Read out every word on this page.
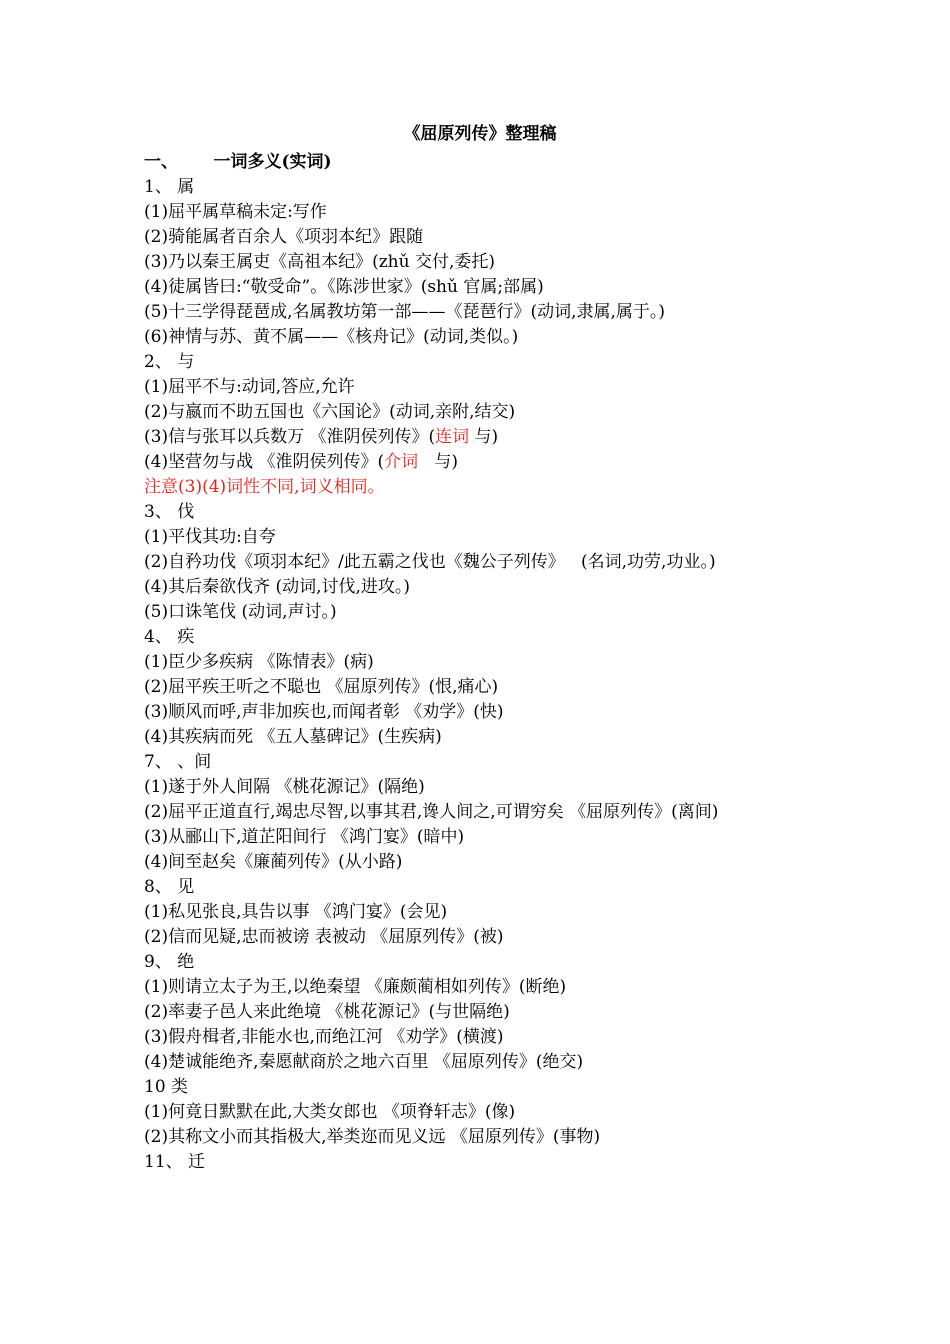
《屈原列传》整理稿
一、      一词多义(实词)
1、 属
(1)屈平属草稿未定:写作
(2)骑能属者百余人《项羽本纪》跟随
(3)乃以秦王属吏《高祖本纪》(zhǔ 交付,委托)
(4)徒属皆曰:“敬受命”。《陈涉世家》(shǔ 官属;部属)
(5)十三学得琵琶成,名属教坊第一部——《琵琶行》(动词,隶属,属于。)
(6)神情与苏、黄不属——《核舟记》(动词,类似。)
2、 与
(1)屈平不与:动词,答应,允许
(2)与嬴而不助五国也《六国论》(动词,亲附,结交)
(3)信与张耳以兵数万 《淮阴侯列传》(连词 与)
(4)坚营勿与战 《淮阴侯列传》(介词   与)
注意(3)(4)词性不同,词义相同。
3、 伐
(1)平伐其功:自夸
(2)自矜功伐《项羽本纪》/此五霸之伐也《魏公子列传》   (名词,功劳,功业。)
(4)其后秦欲伐齐 (动词,讨伐,进攻。)
(5)口诛笔伐 (动词,声讨。)
4、 疾
(1)臣少多疾病 《陈情表》(病)
(2)屈平疾王听之不聪也 《屈原列传》(恨,痛心)
(3)顺风而呼,声非加疾也,而闻者彰 《劝学》(快)
(4)其疾病而死 《五人墓碑记》(生疾病)
7、 、间
(1)遂于外人间隔 《桃花源记》(隔绝)
(2)屈平正道直行,竭忠尽智,以事其君,谗人间之,可谓穷矣 《屈原列传》(离间)
(3)从郦山下,道芷阳间行 《鸿门宴》(暗中)
(4)间至赵矣《廉蔺列传》(从小路)
8、 见
(1)私见张良,具告以事 《鸿门宴》(会见)
(2)信而见疑,忠而被谤 表被动 《屈原列传》(被)
9、 绝
(1)则请立太子为王,以绝秦望 《廉颇蔺相如列传》(断绝)
(2)率妻子邑人来此绝境 《桃花源记》(与世隔绝)
(3)假舟楫者,非能水也,而绝江河 《劝学》(横渡)
(4)楚诚能绝齐,秦愿献商於之地六百里 《屈原列传》(绝交)
10 类
(1)何竟日默默在此,大类女郎也 《项脊轩志》(像)
(2)其称文小而其指极大,举类迩而见义远 《屈原列传》(事物)
11、 迁
